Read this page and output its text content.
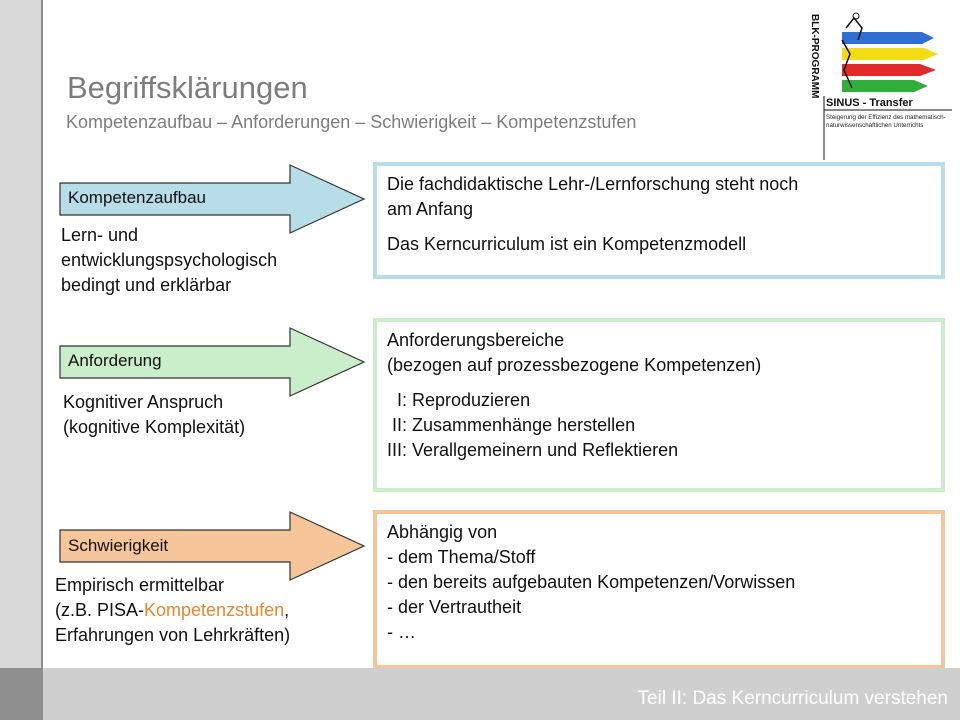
Begriffsklärungen
Kompetenzaufbau – Anforderungen – Schwierigkeit – Kompetenzstufen
BLK-PROGRAMM
SINUS - Transfer
Steigerung der Effizienz des mathematisch-naturwissenschaftlichen Unterrichts
Kompetenzaufbau
Lern- und
entwicklungspsychologisch
bedingt und erklärbar

Die fachdidaktische Lehr-/Lernforschung steht noch

am Anfang

Das Kerncurriculum ist ein Kompetenzmodell

Anforderung
Kognitiver Anspruch
(kognitive Komplexität)

Anforderungsbereiche

(bezogen auf prozessbezogene Kompetenzen)

I: Reproduzieren

II: Zusammenhänge herstellen

III: Verallgemeinern und Reflektieren

Schwierigkeit
Empirisch ermittelbar
(z.B. PISA-Kompetenzstufen,
Erfahrungen von Lehrkräften)

Abhängig von

- dem Thema/Stoff

- den bereits aufgebauten Kompetenzen/Vorwissen

- der Vertrautheit

- …

Teil II: Das Kerncurriculum verstehen
